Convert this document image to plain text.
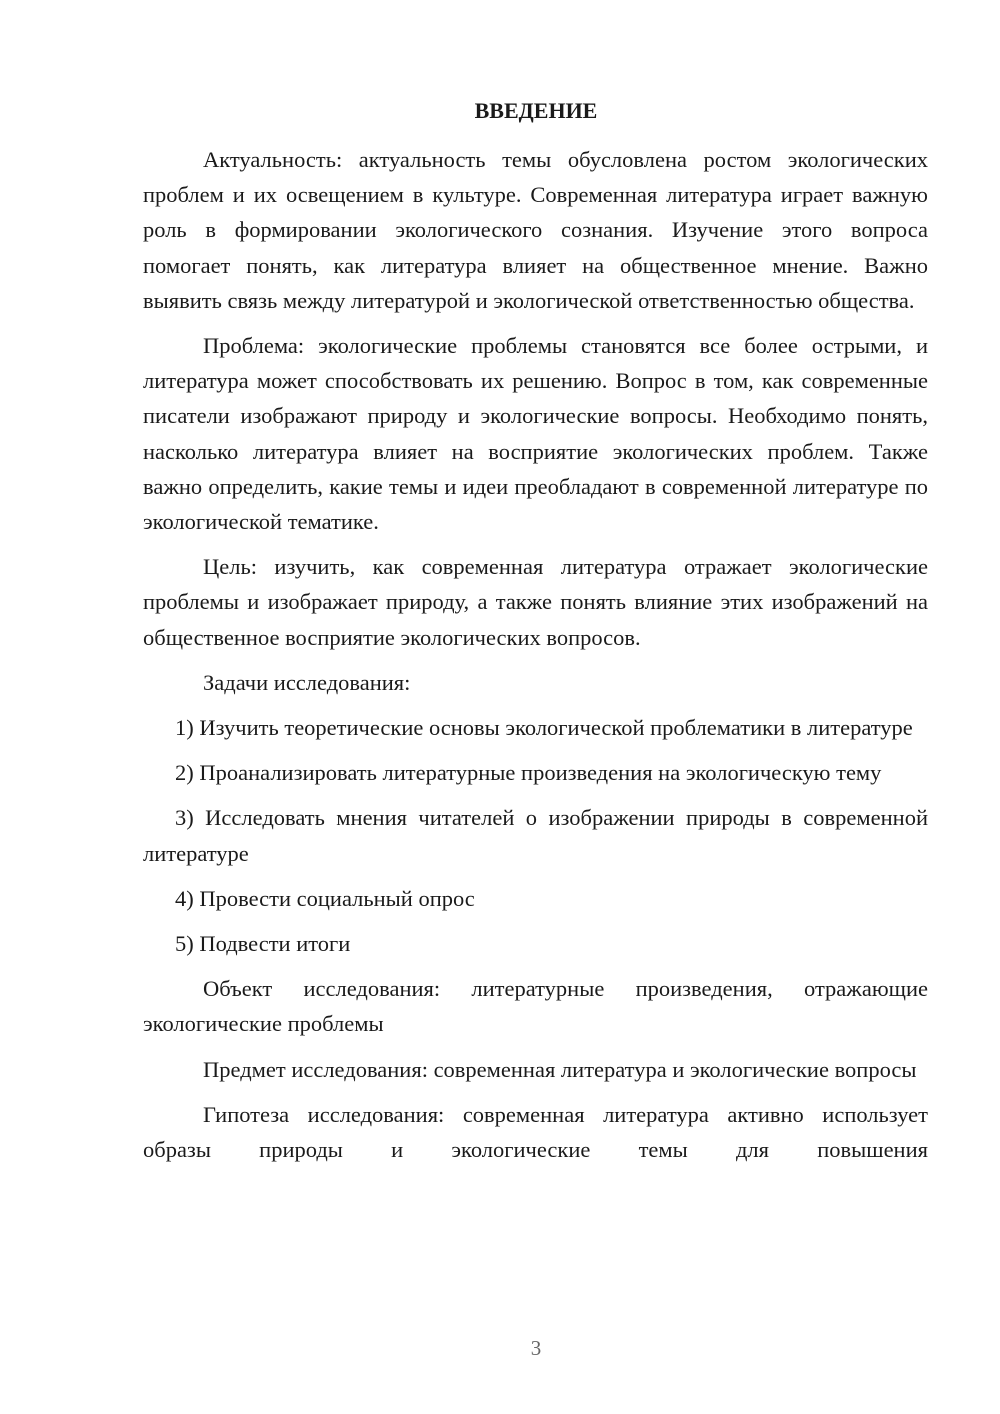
ВВЕДЕНИЕ

Актуальность: актуальность темы обусловлена ростом экологических проблем и их освещением в культуре. Современная литература играет важную роль в формировании экологического сознания. Изучение этого вопроса помогает понять, как литература влияет на общественное мнение. Важно выявить связь между литературой и экологической ответственностью общества.

Проблема: экологические проблемы становятся все более острыми, и литература может способствовать их решению. Вопрос в том, как современные писатели изображают природу и экологические вопросы. Необходимо понять, насколько литература влияет на восприятие экологических проблем. Также важно определить, какие темы и идеи преобладают в современной литературе по экологической тематике.

Цель: изучить, как современная литература отражает экологические проблемы и изображает природу, а также понять влияние этих изображений на общественное восприятие экологических вопросов.

Задачи исследования:

1) Изучить теоретические основы экологической проблематики в литературе

2) Проанализировать литературные произведения на экологическую тему

3) Исследовать мнения читателей о изображении природы в современной литературе

4) Провести социальный опрос

5) Подвести итоги

Объект исследования: литературные произведения, отражающие экологические проблемы

Предмет исследования: современная литература и экологические вопросы

Гипотеза исследования: современная литература активно использует образы природы и экологические темы для повышения

3
